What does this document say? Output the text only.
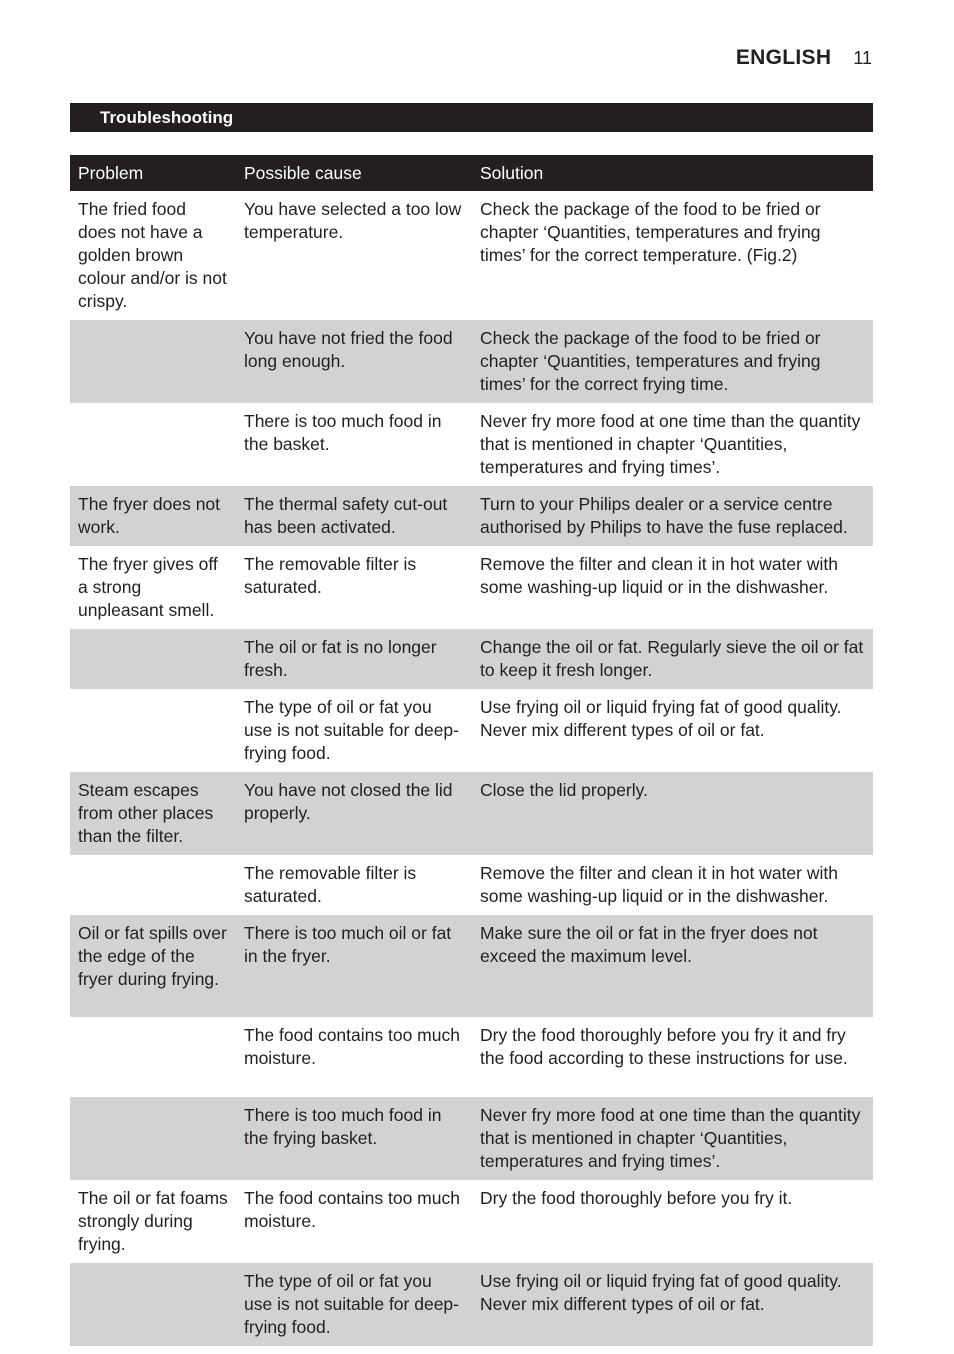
ENGLISH 11
Troubleshooting
Problem	Possible cause	Solution
The fried food does not have a golden brown colour and/or is not crispy.	You have selected a too low temperature.	Check the package of the food to be fried or chapter ‘Quantities, temperatures and frying times’ for the correct temperature. (Fig.2)
	You have not fried the food long enough.	Check the package of the food to be fried or chapter ‘Quantities, temperatures and frying times’ for the correct frying time.
	There is too much food in the basket.	Never fry more food at one time than the quantity that is mentioned in chapter ‘Quantities, temperatures and frying times’.
The fryer does not work.	The thermal safety cut-out has been activated.	Turn to your Philips dealer or a service centre authorised by Philips to have the fuse replaced.
The fryer gives off a strong unpleasant smell.	The removable filter is saturated.	Remove the filter and clean it in hot water with some washing-up liquid or in the dishwasher.
	The oil or fat is no longer fresh.	Change the oil or fat. Regularly sieve the oil or fat to keep it fresh longer.
	The type of oil or fat you use is not suitable for deep-frying food.	Use frying oil or liquid frying fat of good quality. Never mix different types of oil or fat.
Steam escapes from other places than the filter.	You have not closed the lid properly.	Close the lid properly.
	The removable filter is saturated.	Remove the filter and clean it in hot water with some washing-up liquid or in the dishwasher.
Oil or fat spills over the edge of the fryer during frying.	There is too much oil or fat in the fryer.	Make sure the oil or fat in the fryer does not exceed the maximum level.
	The food contains too much moisture.	Dry the food thoroughly before you fry it and fry the food according to these instructions for use.
	There is too much food in the frying basket.	Never fry more food at one time than the quantity that is mentioned in chapter ‘Quantities, temperatures and frying times’.
The oil or fat foams strongly during frying.	The food contains too much moisture.	Dry the food thoroughly before you fry it.
	The type of oil or fat you use is not suitable for deep-frying food.	Use frying oil or liquid frying fat of good quality. Never mix different types of oil or fat.
